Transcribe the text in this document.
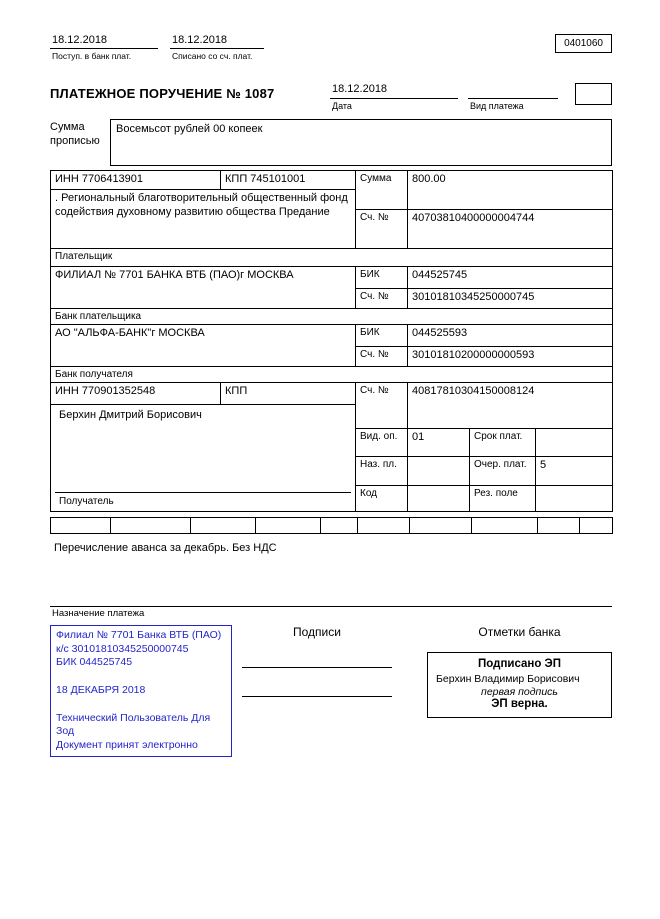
18.12.2018
Поступ. в банк плат.
18.12.2018
Списано со сч. плат.
0401060
ПЛАТЕЖНОЕ ПОРУЧЕНИЕ № 1087	18.12.2018
Дата	Вид платежа
Сумма прописью
Восемьсот рублей 00 копеек
ИНН 7706413901	КПП 745101001	Сумма	800.00		
. Региональный благотворительный общественный фонд содействия духовному развитию общества Предание					
		Сч. №	40703810400000004744		
Плательщик					
ФИЛИАЛ № 7701 БАНКА ВТБ (ПАО)г МОСКВА		БИК	044525745		
		Сч. №	30101810345250000745		
Банк плательщика					
АО "АЛЬФА-БАНК"г МОСКВА		БИК	044525593		
		Сч. №	30101810200000000593		
Банк получателя					
ИНН 770901352548	КПП	Сч. №	40817810304150008124		

Берхин Дмитрий Борисович
Получатель					

		Вид. оп.	01	Срок плат.	
		Наз. пл.		Очер. плат.	5
		Код		Рез. поле	

Перечисление аванса за декабрь. Без НДС
Назначение платежа
Филиал № 7701 Банка ВТБ (ПАО)
к/с 30101810345250000745
БИК 044525745
18 ДЕКАБРЯ 2018
Технический Пользователь Для Зод
Документ принят электронно
Подписи	Отметки банка
Подписано ЭП
Берхин Владимир Борисович
первая подпись
ЭП верна.
